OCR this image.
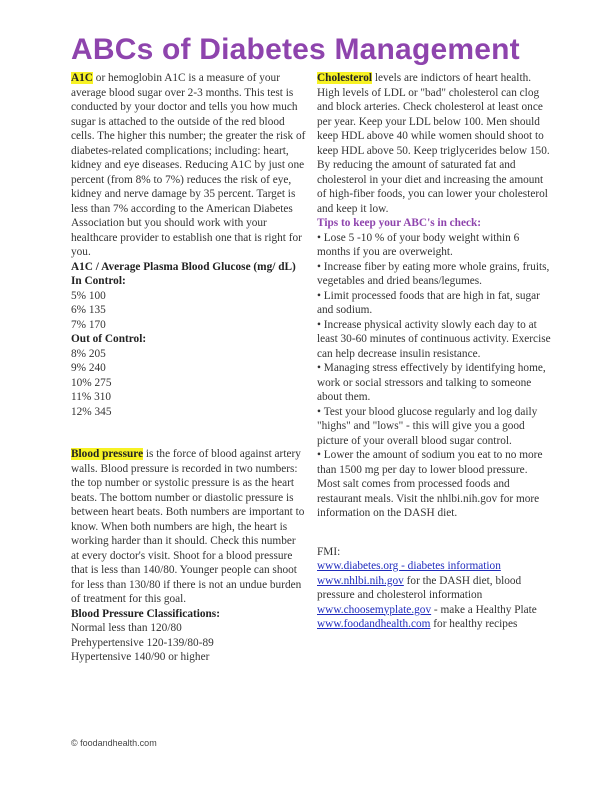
ABCs of Diabetes Management

A1C or hemoglobin A1C is a measure of your average blood sugar over 2-3 months. This test is conducted by your doctor and tells you how much sugar is attached to the outside of the red blood cells. The higher this number; the greater the risk of diabetes-related complications; including: heart, kidney and eye diseases. Reducing A1C by just one percent (from 8% to 7%) reduces the risk of eye, kidney and nerve damage by 35 percent. Target is less than 7% according to the American Diabetes Association but you should work with your healthcare provider to establish one that is right for you.

A1C / Average Plasma Blood Glucose (mg/ dL)

In Control:

5% 100

6% 135

7% 170

Out of Control:

8% 205

9% 240

10% 275

11% 310

12% 345

Blood pressure is the force of blood against artery walls. Blood pressure is recorded in two numbers: the top number or systolic pressure is as the heart beats. The bottom number or diastolic pressure is between heart beats. Both numbers are important to know. When both numbers are high, the heart is working harder than it should. Check this number at every doctor's visit. Shoot for a blood pressure that is less than 140/80. Younger people can shoot for less than 130/80 if there is not an undue burden of treatment for this goal.

Blood Pressure Classifications:

Normal less than 120/80

Prehypertensive 120-139/80-89

Hypertensive 140/90 or higher

Cholesterol levels are indictors of heart health. High levels of LDL or "bad" cholesterol can clog and block arteries. Check cholesterol at least once per year. Keep your LDL below 100. Men should keep HDL above 40 while women should shoot to keep HDL above 50. Keep triglycerides below 150. By reducing the amount of saturated fat and cholesterol in your diet and increasing the amount of high-fiber foods, you can lower your cholesterol and keep it low.

Tips to keep your ABC's in check:

• Lose 5 -10 % of your body weight within 6 months if you are overweight.

• Increase fiber by eating more whole grains, fruits, vegetables and dried beans/legumes.

• Limit processed foods that are high in fat, sugar and sodium.

• Increase physical activity slowly each day to at least 30-60 minutes of continuous activity. Exercise can help decrease insulin resistance.

• Managing stress effectively by identifying home, work or social stressors and talking to someone about them.

• Test your blood glucose regularly and log daily "highs" and "lows" - this will give you a good picture of your overall blood sugar control.

• Lower the amount of sodium you eat to no more than 1500 mg per day to lower blood pressure. Most salt comes from processed foods and restaurant meals. Visit the nhlbi.nih.gov for more information on the DASH diet.

FMI:

www.diabetes.org - diabetes information

www.nhlbi.nih.gov for the DASH diet, blood pressure and cholesterol information

www.choosemyplate.gov - make a Healthy Plate

www.foodandhealth.com for healthy recipes

© foodandhealth.com
